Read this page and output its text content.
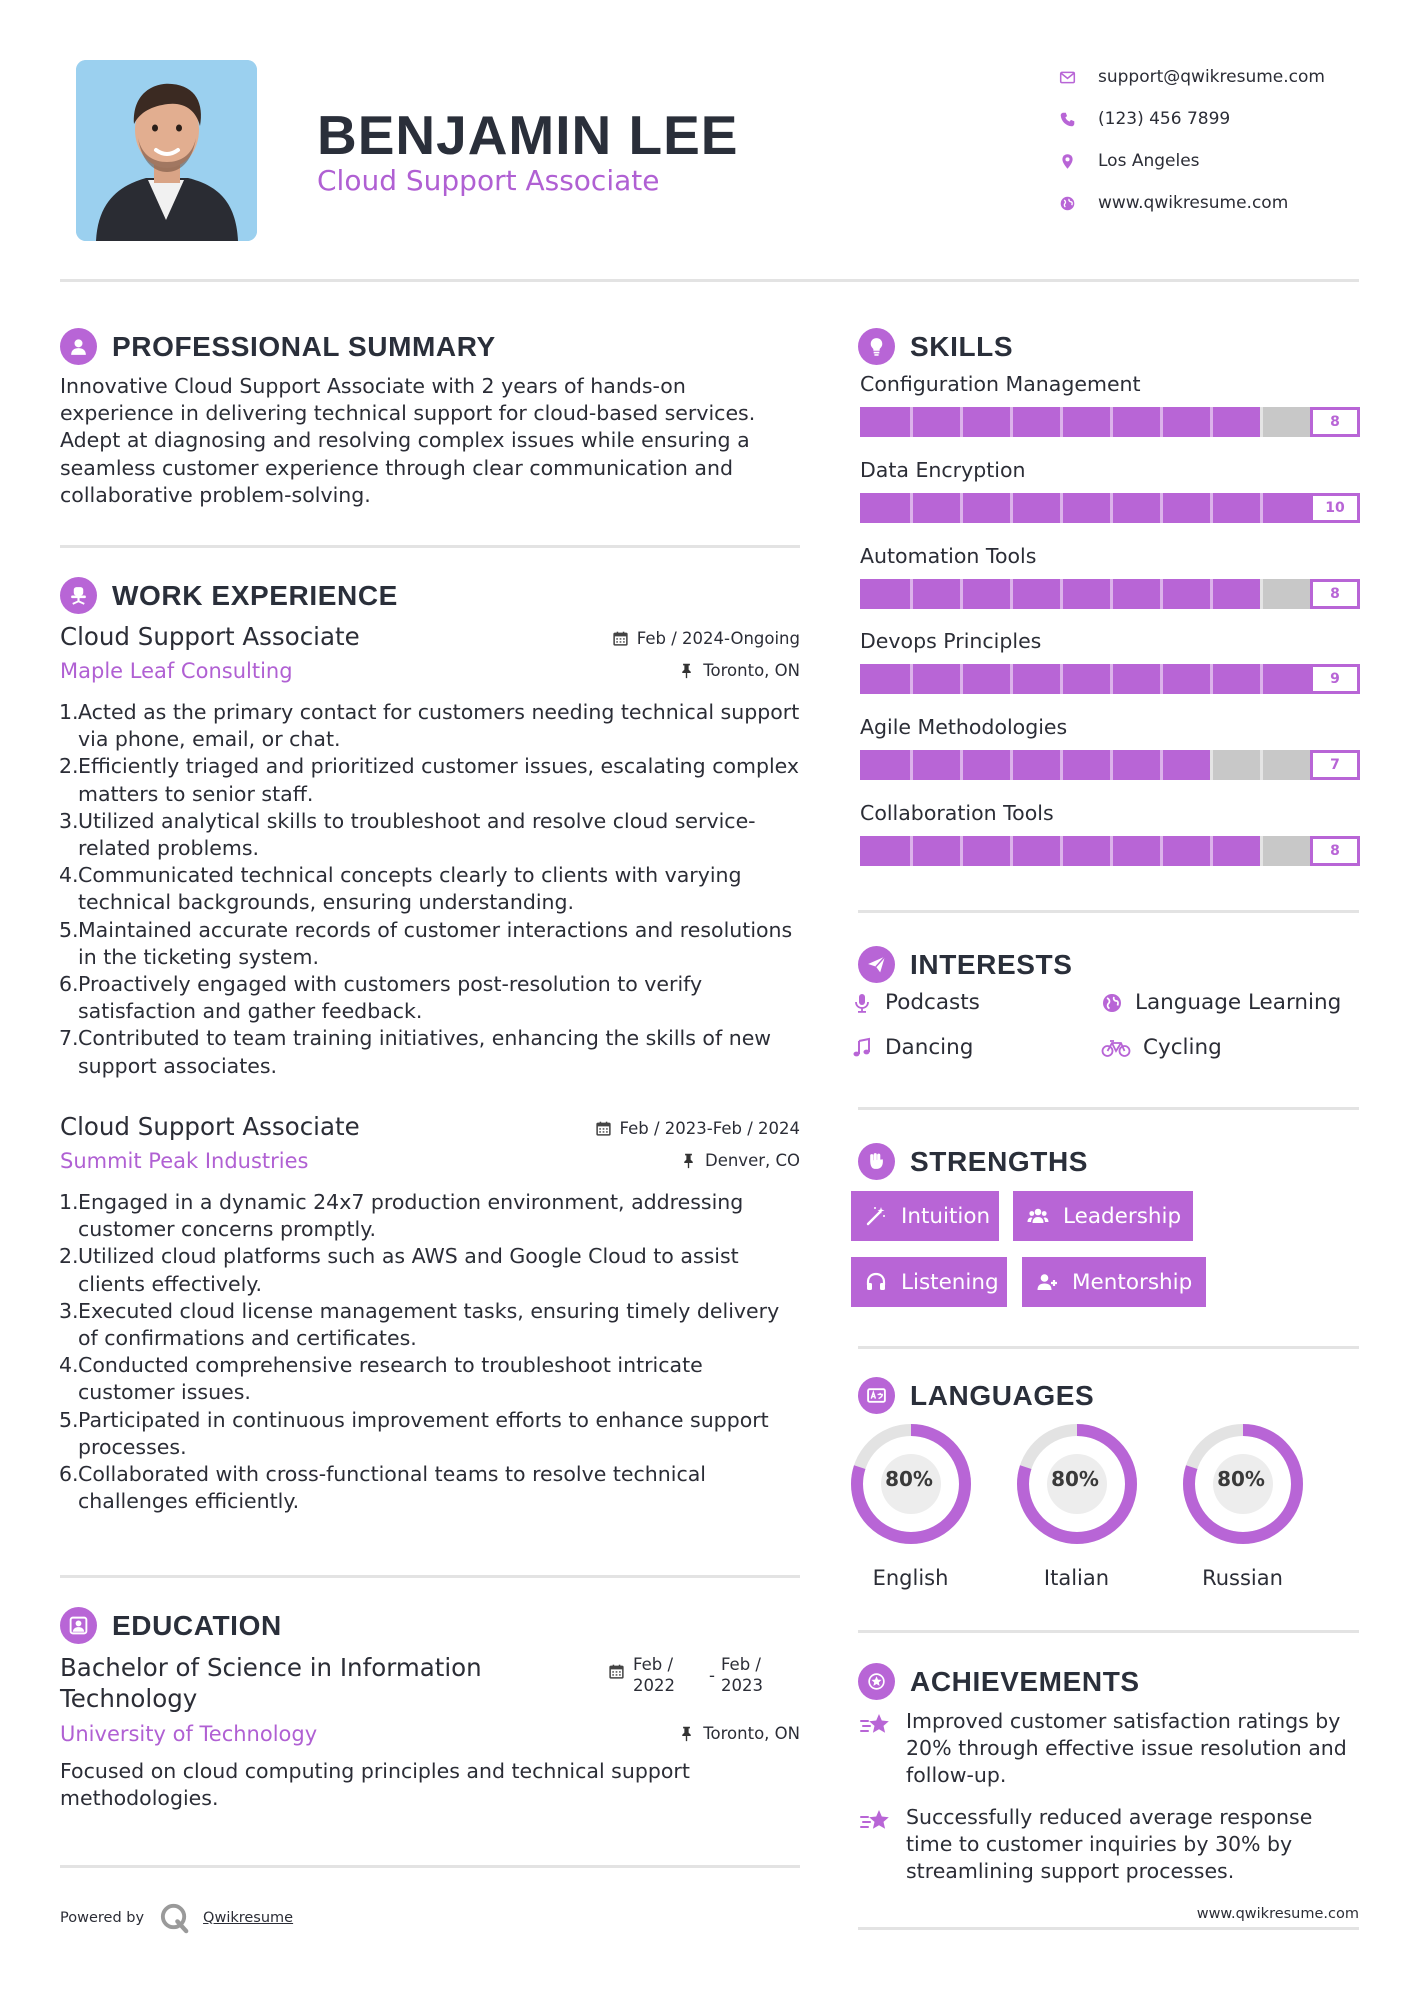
BENJAMIN LEE
Cloud Support Associate
support@qwikresume.com
(123) 456 7899
Los Angeles
www.qwikresume.com
PROFESSIONAL SUMMARY

Innovative Cloud Support Associate with 2 years of hands-on experience in delivering technical support for cloud-based services. Adept at diagnosing and resolving complex issues while ensuring a seamless customer experience through clear communication and collaborative problem-solving.

WORK EXPERIENCE
Cloud Support Associate
Maple Leaf Consulting
Feb / 2024-Ongoing
Toronto, ON
Acted as the primary contact for customers needing technical support via phone, email, or chat.
Efficiently triaged and prioritized customer issues, escalating complex matters to senior staff.
Utilized analytical skills to troubleshoot and resolve cloud service-related problems.
Communicated technical concepts clearly to clients with varying technical backgrounds, ensuring understanding.
Maintained accurate records of customer interactions and resolutions in the ticketing system.
Proactively engaged with customers post-resolution to verify satisfaction and gather feedback.
Contributed to team training initiatives, enhancing the skills of new support associates.
Cloud Support Associate
Summit Peak Industries
Feb / 2023-Feb / 2024
Denver, CO
Engaged in a dynamic 24x7 production environment, addressing customer concerns promptly.
Utilized cloud platforms such as AWS and Google Cloud to assist clients effectively.
Executed cloud license management tasks, ensuring timely delivery of confirmations and certificates.
Conducted comprehensive research to troubleshoot intricate customer issues.
Participated in continuous improvement efforts to enhance support processes.
Collaborated with cross-functional teams to resolve technical challenges efficiently.
EDUCATION
Bachelor of Science in Information Technology
University of Technology
Feb / 2022
-
Feb / 2023
Toronto, ON

Focused on cloud computing principles and technical support methodologies.

Powered by	Qwikresume
SKILLS
Configuration Management
8
Data Encryption
10
Automation Tools
8
Devops Principles
9
Agile Methodologies
7
Collaboration Tools
8
INTERESTS
Podcasts	Language Learning
Dancing	Cycling
STRENGTHS
Intuition	Leadership
Listening	Mentorship
LANGUAGES
80%
English
80%
Italian
80%
Russian
ACHIEVEMENTS

Improved customer satisfaction ratings by 20% through effective issue resolution and follow-up.

Successfully reduced average response time to customer inquiries by 30% by streamlining support processes.

www.qwikresume.com
